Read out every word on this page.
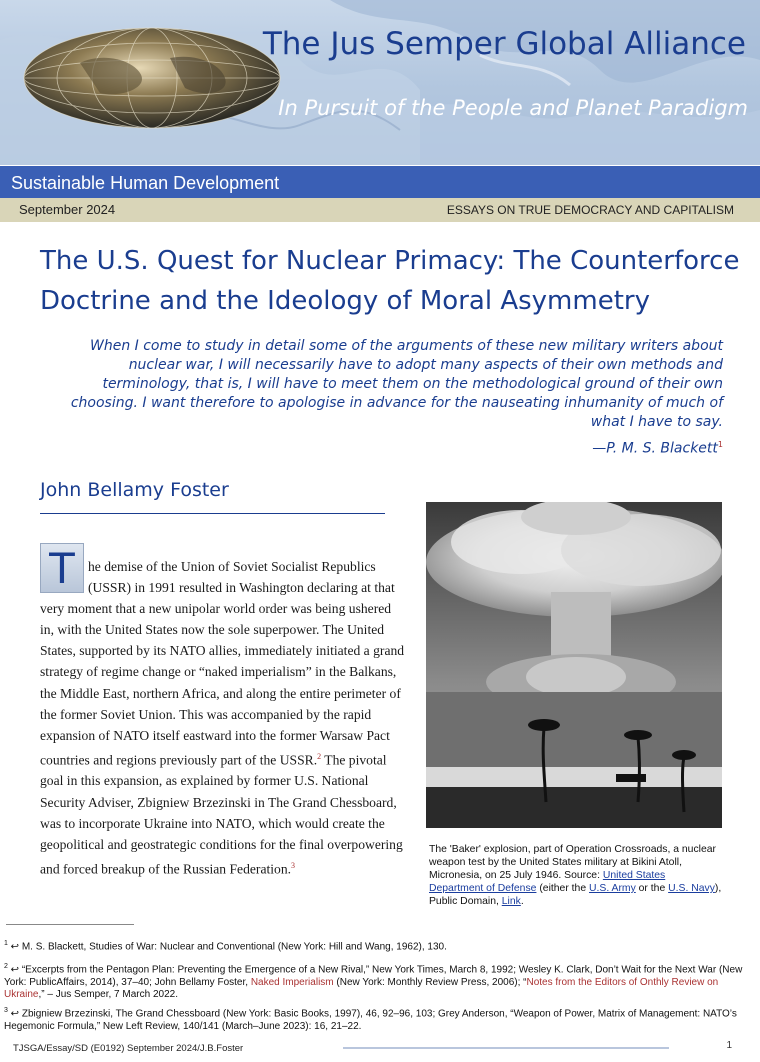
The Jus Semper Global Alliance
In Pursuit of the People and Planet Paradigm
Sustainable Human Development
September 2024	ESSAYS ON TRUE DEMOCRACY AND CAPITALISM
The U.S. Quest for Nuclear Primacy: The Counterforce
Doctrine and the Ideology of Moral Asymmetry
When I come to study in detail some of the arguments of these new military writers about nuclear war, I will necessarily have to adopt many aspects of their own methods and terminology, that is, I will have to meet them on the methodological ground of their own choosing. I want therefore to apologise in advance for the nauseating inhumanity of much of what I have to say.
—P. M. S. Blackett$^1$
John Bellamy Foster
T he demise of the Union of Soviet Socialist Republics
(USSR) in 1991 resulted in Washington declaring at that
very moment that a new unipolar world order was being ushered
in, with the United States now the sole superpower. The United
States, supported by its NATO allies, immediately initiated a grand
strategy of regime change or “naked imperialism” in the Balkans,
the Middle East, northern Africa, and along the entire perimeter of
the former Soviet Union. This was accompanied by the rapid
expansion of NATO itself eastward into the former Warsaw Pact
countries and regions previously part of the USSR.$^2$ The pivotal
goal in this expansion, as explained by former U.S. National
Security Adviser, Zbigniew Brzezinski in The Grand Chessboard,
was to incorporate Ukraine into NATO, which would create the
geopolitical and geostrategic conditions for the final overpowering
and forced breakup of the Russian Federation.$^3$
The 'Baker' explosion, part of Operation Crossroads, a nuclear
weapon test by the United States military at Bikini Atoll,
Micronesia, on 25 July 1946. Source: United States
Department of Defense (either the U.S. Army or the U.S. Navy),
Public Domain, Link.
$^1$ ↩ M. S. Blackett, Studies of War: Nuclear and Conventional (New York: Hill and Wang, 1962), 130.
$^2$ ↩ “Excerpts from the Pentagon Plan: Preventing the Emergence of a New Rival,” New York Times, March 8, 1992; Wesley K. Clark, Don’t Wait for the Next War (New
York: PublicAffairs, 2014), 37–40; John Bellamy Foster, Naked Imperialism (New York: Monthly Review Press, 2006); “Notes from the Editors of Onthly Review on
Ukraine,” – Jus Semper, 7 March 2022.
$^3$ ↩ Zbigniew Brzezinski, The Grand Chessboard (New York: Basic Books, 1997), 46, 92–96, 103; Grey Anderson, “Weapon of Power, Matrix of Management: NATO’s
Hegemonic Formula,” New Left Review, 140/141 (March–June 2023): 16, 21–22.
TJSGA/Essay/SD (E0192) September 2024/J.B.Foster	1
